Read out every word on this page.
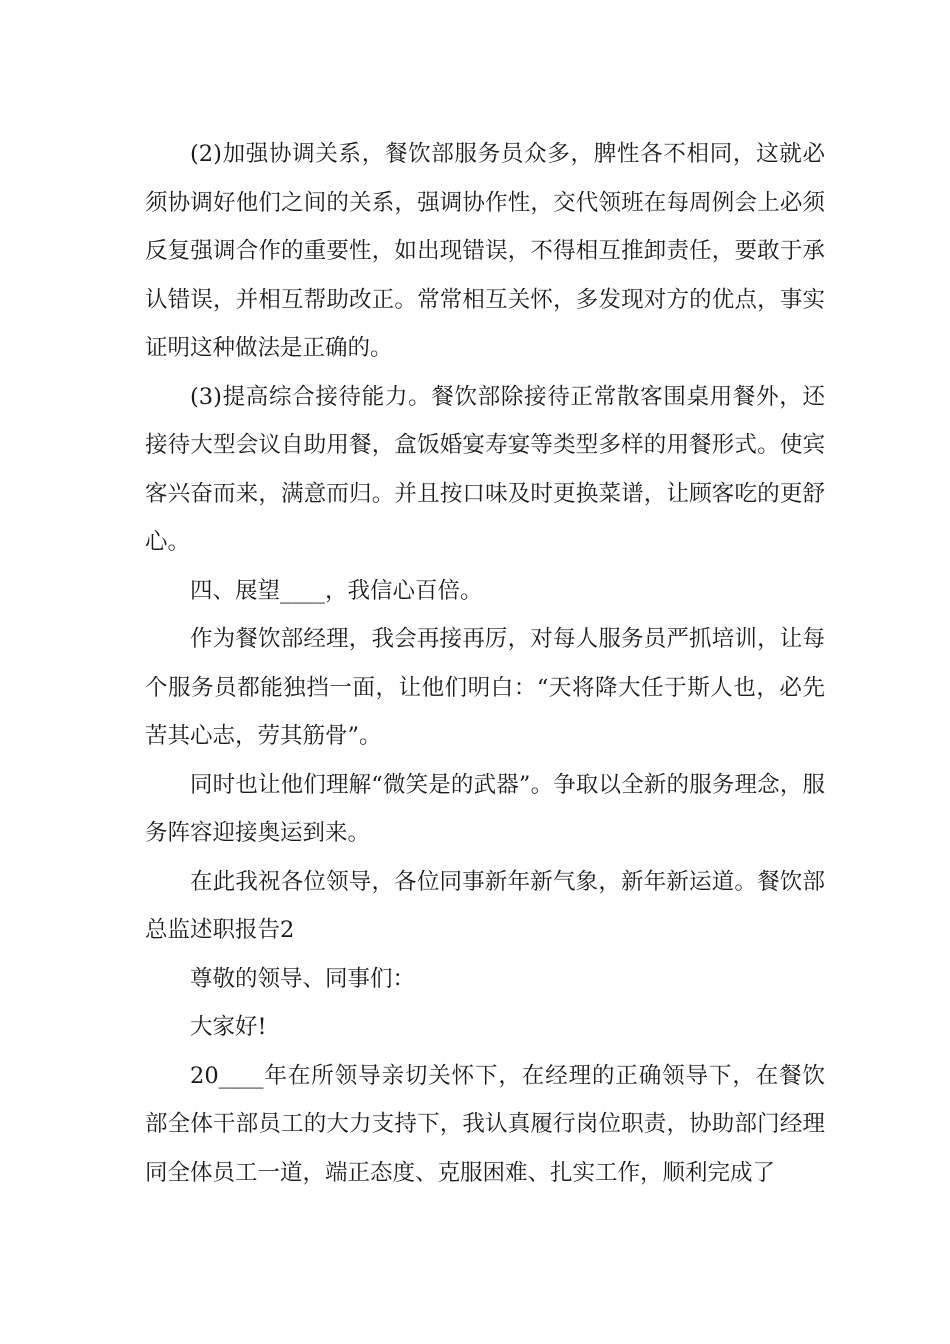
(2)加强协调关系，餐饮部服务员众多，脾性各不相同，这就必须协调好他们之间的关系，强调协作性，交代领班在每周例会上必须反复强调合作的重要性，如出现错误，不得相互推卸责任，要敢于承认错误，并相互帮助改正。常常相互关怀，多发现对方的优点，事实证明这种做法是正确的。

(3)提高综合接待能力。餐饮部除接待正常散客围桌用餐外，还接待大型会议自助用餐，盒饭婚宴寿宴等类型多样的用餐形式。使宾客兴奋而来，满意而归。并且按口味及时更换菜谱，让顾客吃的更舒心。

四、展望____，我信心百倍。

作为餐饮部经理，我会再接再厉，对每人服务员严抓培训，让每个服务员都能独挡一面，让他们明白：“天将降大任于斯人也，必先苦其心志，劳其筋骨”。

同时也让他们理解“微笑是的武器”。争取以全新的服务理念，服务阵容迎接奥运到来。

在此我祝各位领导，各位同事新年新气象，新年新运道。餐饮部总监述职报告2

尊敬的领导、同事们：

大家好!

20____年在所领导亲切关怀下，在经理的正确领导下，在餐饮部全体干部员工的大力支持下，我认真履行岗位职责，协助部门经理同全体员工一道，端正态度、克服困难、扎实工作，顺利完成了
